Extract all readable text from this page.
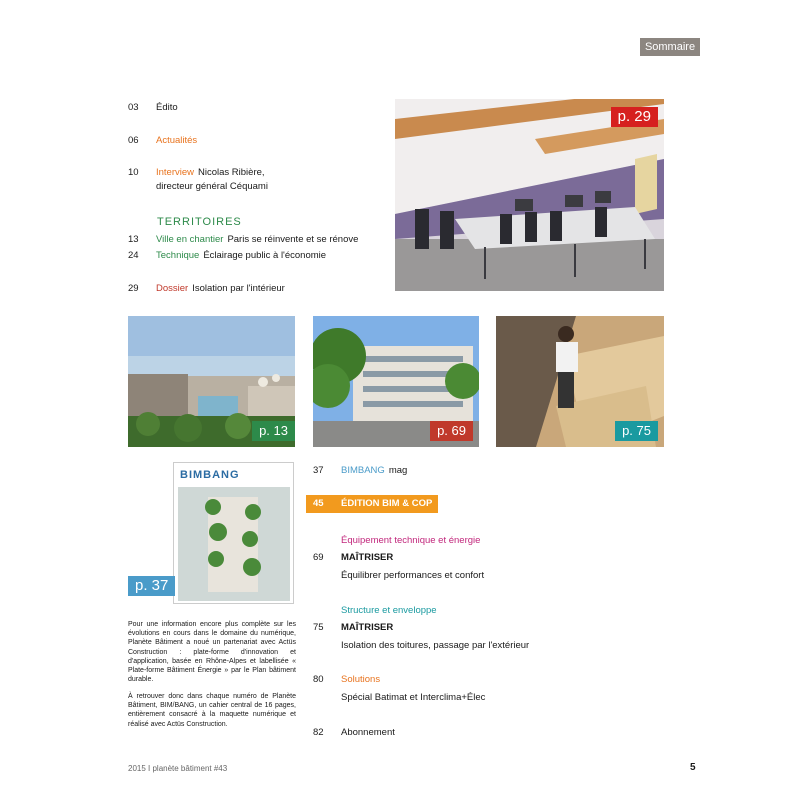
Sommaire
03 Édito
06 Actualités
10 Interview Nicolas Ribière,
directeur général Céquami
TERRITOIRES
13 Ville en chantier Paris se réinvente et se rénove
24 Technique Éclairage public à l'économie
29 Dossier Isolation par l'intérieur
p. 29
p. 13	p. 69	p. 75
BIMBANG
p. 37
Pour une information encore plus complète sur les évolutions en cours dans le domaine du numérique, Planète Bâtiment a noué un partenariat avec Actüs Construction : plate-forme d'innovation et d'application, basée en Rhône-Alpes et labellisée « Plate-forme Bâtiment Énergie » par le Plan bâtiment durable.
À retrouver donc dans chaque numéro de Planète Bâtiment, BIM/BANG, un cahier central de 16 pages, entièrement consacré à la maquette numérique et réalisé avec Actüs Construction.
37 BIMBANG mag
45 ÉDITION BIM & COP 21
Équipement technique et énergie
69 MAÎTRISER
Équilibrer performances et confort
Structure et enveloppe
75 MAÎTRISER
Isolation des toitures, passage par l'extérieur
80 Solutions
Spécial Batimat et Interclima+Élec
82 Abonnement
2015 I planète bâtiment #43	5
